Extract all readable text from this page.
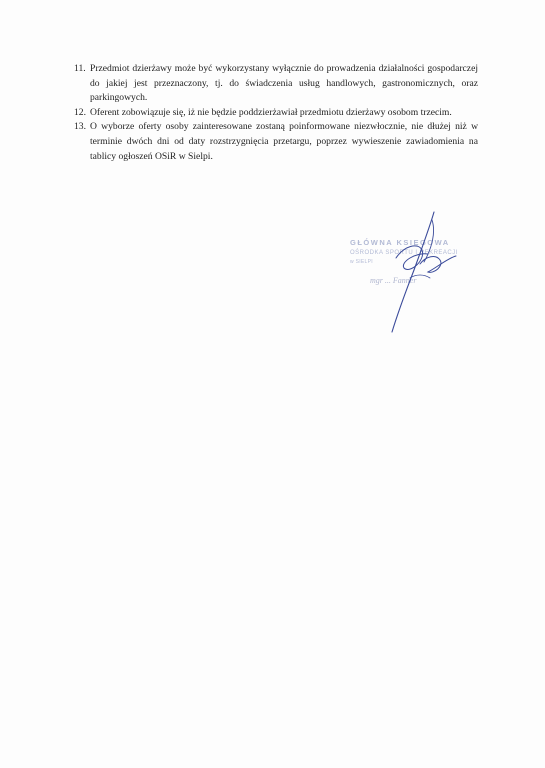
11. Przedmiot dzierżawy może być wykorzystany wyłącznie do prowadzenia działalności gospodarczej do jakiej jest przeznaczony, tj. do świadczenia usług handlowych, gastronomicznych, oraz parkingowych.
12. Oferent zobowiązuje się, iż nie będzie poddzierżawiał przedmiotu dzierżawy osobom trzecim.
13. O wyborze oferty osoby zainteresowane zostaną poinformowane niezwłocznie, nie dłużej niż w terminie dwóch dni od daty rozstrzygnięcia przetargu, poprzez wywieszenie zawiadomienia na tablicy ogłoszeń OSiR w Sielpi.
GŁÓWNA KSIĘGOWA
OŚRODKA SPORTU I REKREACJI
w SIELPI
mgr ... Fanner
